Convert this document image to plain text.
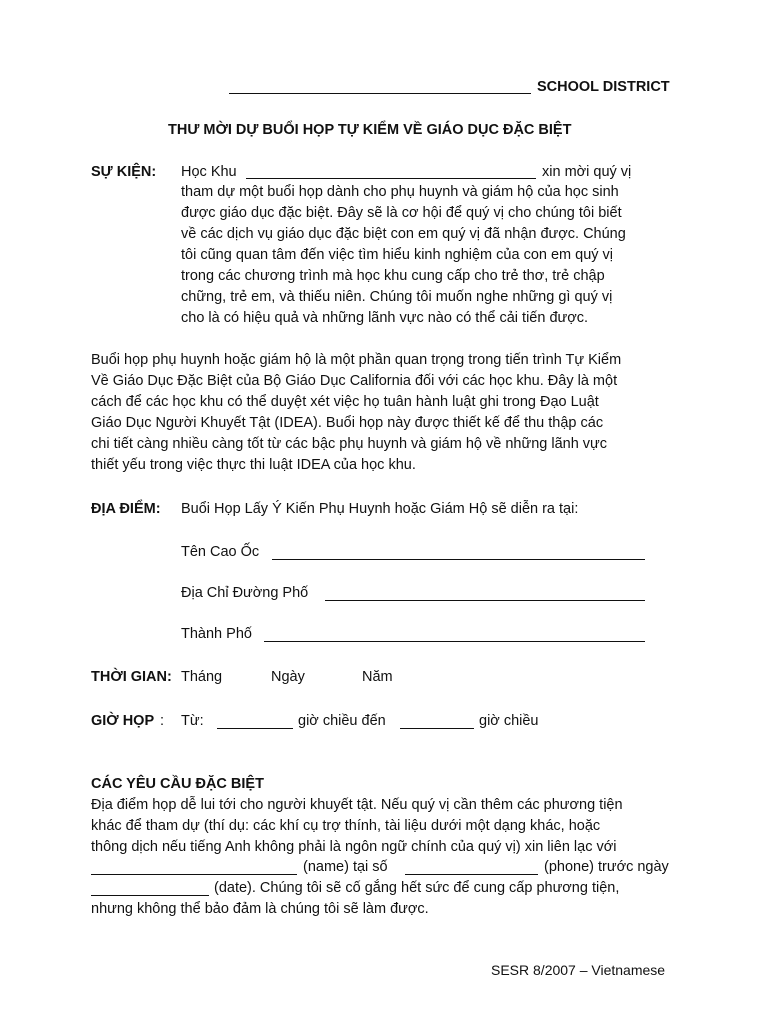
SCHOOL DISTRICT
THƯ MỜI DỰ BUỔI HỌP TỰ KIỂM VỀ GIÁO DỤC ĐẶC BIỆT
SỰ KIỆN: Học Khu	xin mời quý vị
tham dự một buổi họp dành cho phụ huynh và giám hộ của học sinh
được giáo dục đặc biệt. Đây sẽ là cơ hội để quý vị cho chúng tôi biết
về các dịch vụ giáo dục đặc biệt con em quý vị đã nhận được. Chúng
tôi cũng quan tâm đến việc tìm hiểu kinh nghiệm của con em quý vị
trong các chương trình mà học khu cung cấp cho trẻ thơ, trẻ chập
chững, trẻ em, và thiếu niên. Chúng tôi muốn nghe những gì quý vị
cho là có hiệu quả và những lãnh vực nào có thể cải tiến được.
Buổi họp phụ huynh hoặc giám hộ là một phần quan trọng trong tiến trình Tự Kiểm
Về Giáo Dục Đặc Biệt của Bộ Giáo Dục California đối với các học khu. Đây là một
cách để các học khu có thể duyệt xét việc họ tuân hành luật ghi trong Đạo Luật
Giáo Dục Người Khuyết Tật (IDEA). Buổi họp này được thiết kế để thu thập các
chi tiết càng nhiều càng tốt từ các bậc phụ huynh và giám hộ về những lãnh vực
thiết yếu trong việc thực thi luật IDEA của học khu.
ĐỊA ĐIỂM: Buổi Họp Lấy Ý Kiến Phụ Huynh hoặc Giám Hộ sẽ diễn ra tại:
Tên Cao Ốc
Địa Chỉ Đường Phố
Thành Phố
THỜI GIAN: Tháng	Ngày	Năm
GIỜ HỌP : Từ:	giờ chiều đến	giờ chiều
CÁC YÊU CẦU ĐẶC BIỆT
Địa điểm họp dễ lui tới cho người khuyết tật. Nếu quý vị cần thêm các phương tiện
khác để tham dự (thí dụ: các khí cụ trợ thính, tài liệu dưới một dạng khác, hoặc
thông dịch nếu tiếng Anh không phải là ngôn ngữ chính của quý vị) xin liên lạc với
(name) tại số	(phone) trước ngày
(date). Chúng tôi sẽ cố gắng hết sức để cung cấp phương tiện,
nhưng không thể bảo đảm là chúng tôi sẽ làm được.
SESR 8/2007 – Vietnamese
